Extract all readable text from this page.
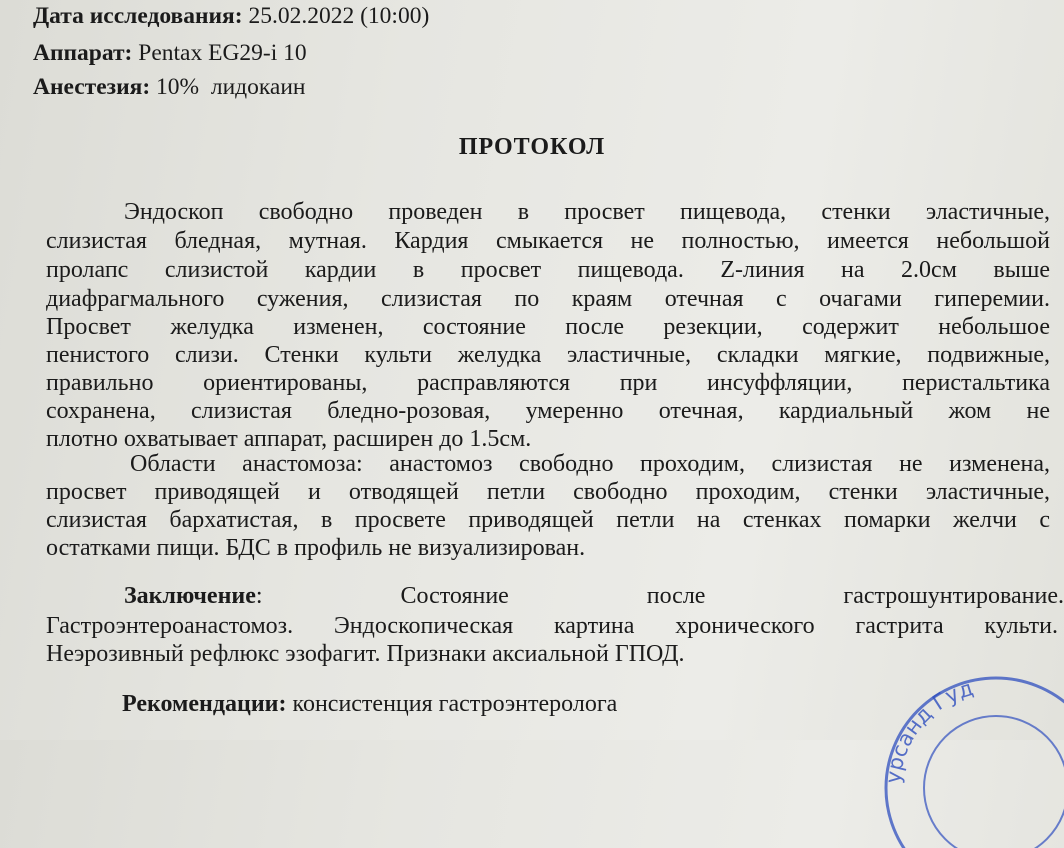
Дата исследования: 25.02.2022 (10:00)
Аппарат: Pentax EG29-i 10
Анестезия: 10%  лидокаин
ПРОТОКОЛ
Эндоскоп свободно проведен в просвет пищевода, стенки эластичные,
слизистая бледная, мутная. Кардия смыкается не полностью, имеется небольшой
пролапс слизистой кардии в просвет пищевода. Z-линия на 2.0см выше
диафрагмального сужения, слизистая по краям отечная с очагами гиперемии.
Просвет желудка изменен, состояние после резекции, содержит небольшое
пенистого слизи. Стенки культи желудка эластичные, складки мягкие, подвижные,
правильно ориентированы, расправляются при инсуффляции, перистальтика
сохранена, слизистая бледно-розовая, умеренно отечная, кардиальный жом не
плотно охватывает аппарат, расширен до 1.5см.
Области анастомоза: анастомоз свободно проходим, слизистая не изменена,
просвет приводящей и отводящей петли свободно проходим, стенки эластичные,
слизистая бархатистая, в просвете приводящей петли на стенках помарки желчи с
остатками пищи. БДС в профиль не визуализирован.
Заключение:	Состояние	после	гастрошунтирование.
Гастроэнтероанастомоз. Эндоскопическая картина хронического гастрита культи.
Неэрозивный рефлюкс эзофагит. Признаки аксиальной ГПОД.
Рекомендации: консистенция гастроэнтеролога
урсанд Гуд
